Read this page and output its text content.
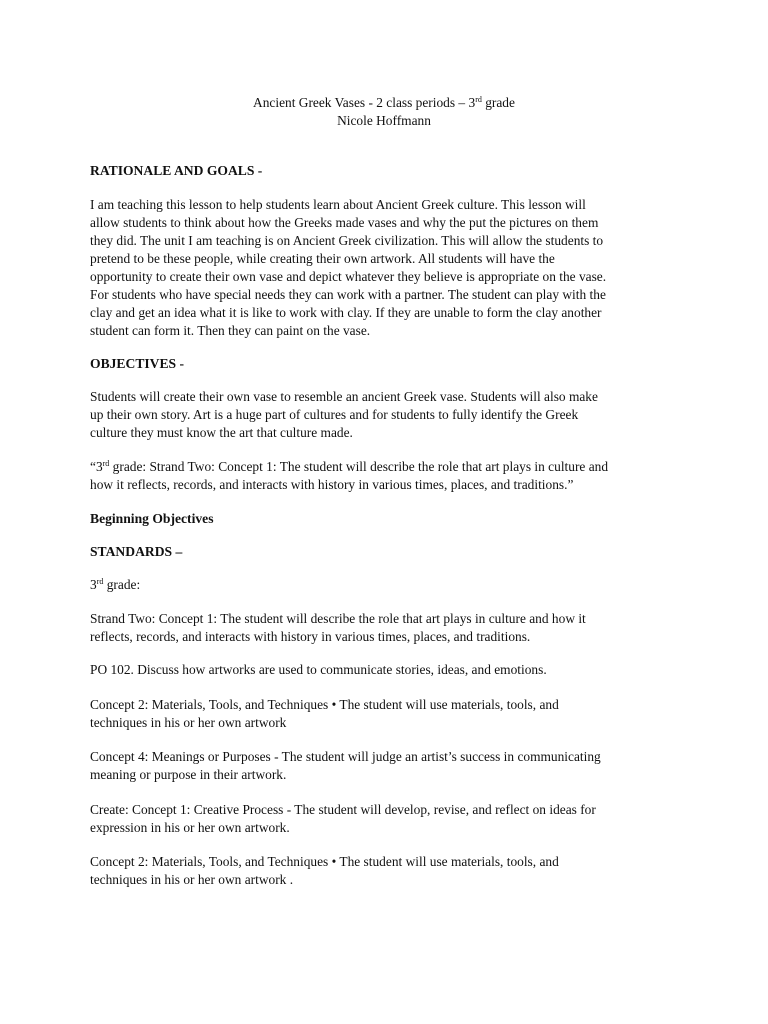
Ancient Greek Vases - 2 class periods – 3rd grade

Nicole Hoffmann

RATIONALE AND GOALS -

I am teaching this lesson to help students learn about Ancient Greek culture. This lesson will

allow students to think about how the Greeks made vases and why the put the pictures on them

they did. The unit I am teaching is on Ancient Greek civilization. This will allow the students to

pretend to be these people, while creating their own artwork. All students will have the

opportunity to create their own vase and depict whatever they believe is appropriate on the vase.

For students who have special needs they can work with a partner. The student can play with the

clay and get an idea what it is like to work with clay. If they are unable to form the clay another

student can form it. Then they can paint on the vase.

OBJECTIVES -

Students will create their own vase to resemble an ancient Greek vase. Students will also make

up their own story. Art is a huge part of cultures and for students to fully identify the Greek

culture they must know the art that culture made.

“3rd grade: Strand Two: Concept 1: The student will describe the role that art plays in culture and

how it reflects, records, and interacts with history in various times, places, and traditions.”

Beginning Objectives

STANDARDS –

3rd grade:

Strand Two: Concept 1: The student will describe the role that art plays in culture and how it

reflects, records, and interacts with history in various times, places, and traditions.

PO 102. Discuss how artworks are used to communicate stories, ideas, and emotions.

Concept 2: Materials, Tools, and Techniques • The student will use materials, tools, and

techniques in his or her own artwork

Concept 4: Meanings or Purposes - The student will judge an artist’s success in communicating

meaning or purpose in their artwork.

Create: Concept 1: Creative Process - The student will develop, revise, and reflect on ideas for

expression in his or her own artwork.

Concept 2: Materials, Tools, and Techniques • The student will use materials, tools, and

techniques in his or her own artwork .
